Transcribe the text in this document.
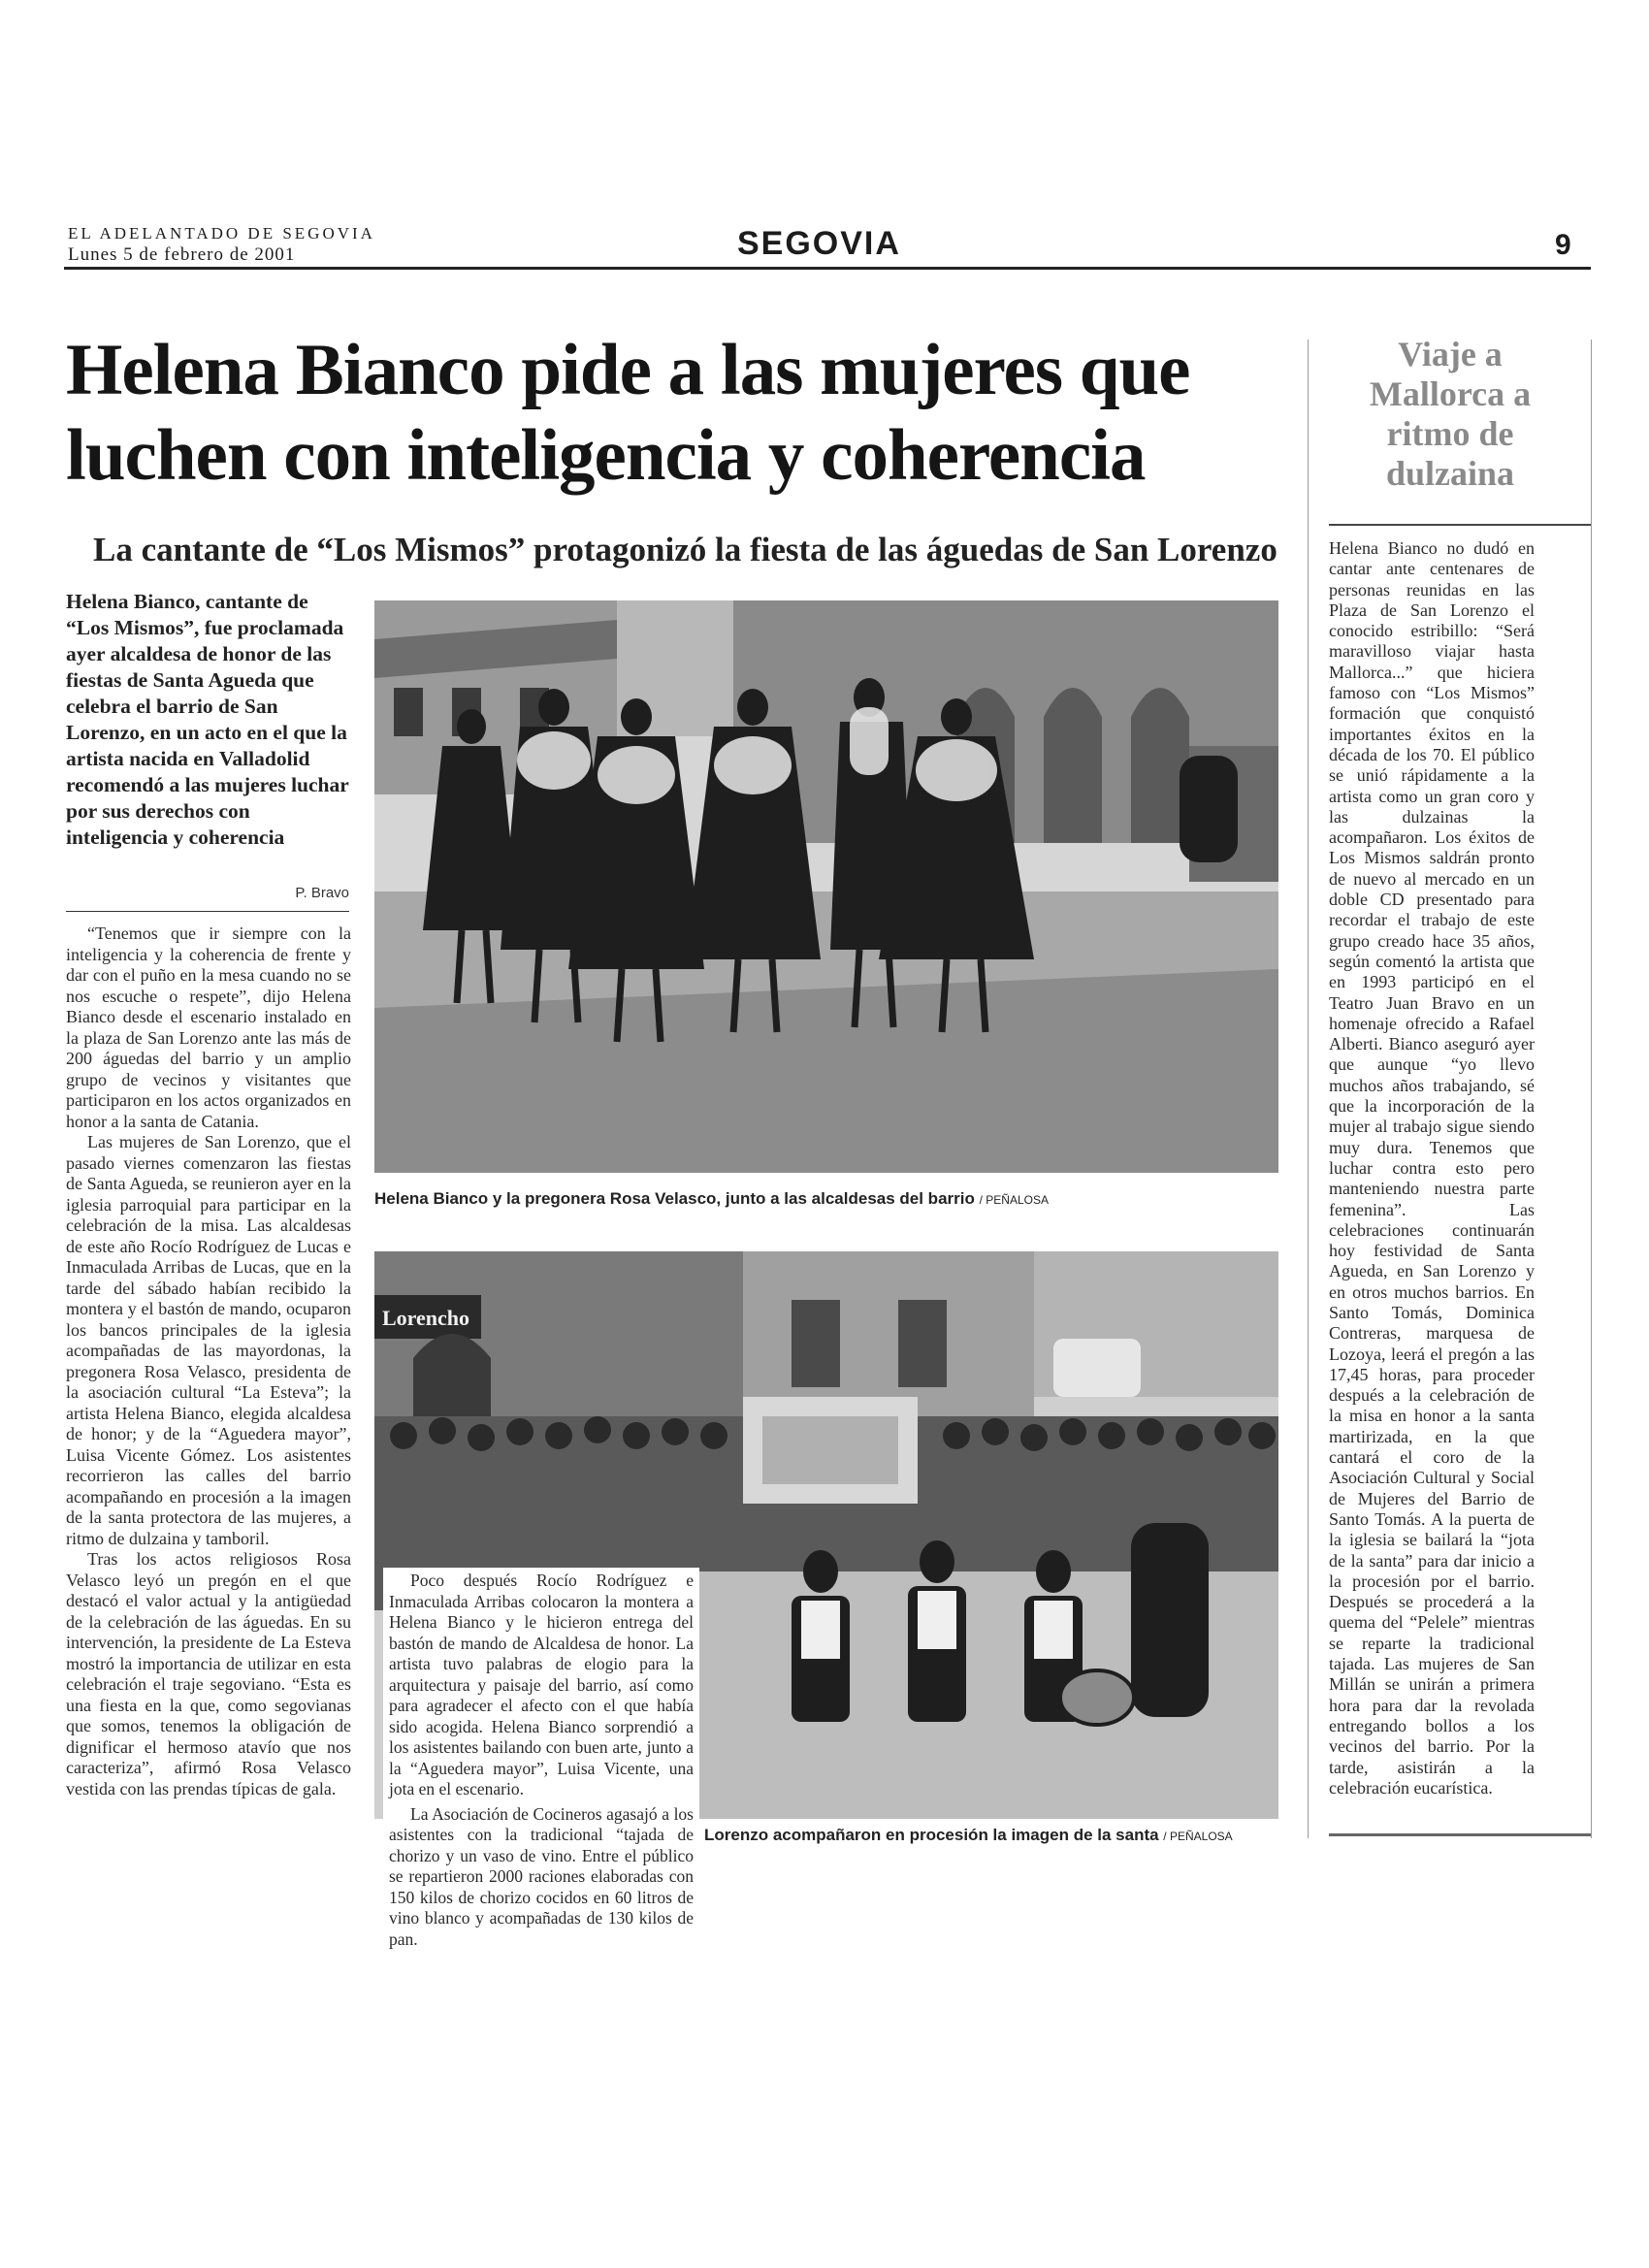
EL ADELANTADO DE SEGOVIA
Lunes 5 de febrero de 2001	SEGOVIA	9
Helena Bianco pide a las mujeres que luchen con inteligencia y coherencia
La cantante de “Los Mismos” protagonizó la fiesta de las águedas de San Lorenzo

Helena Bianco, cantante de “Los Mismos”, fue proclamada ayer alcaldesa de honor de las fiestas de Santa Agueda que celebra el barrio de San Lorenzo, en un acto en el que la artista nacida en Valladolid recomendó a las mujeres luchar por sus derechos con inteligencia y coherencia

P. Bravo

“Tenemos que ir siempre con la inteligencia y la coherencia de frente y dar con el puño en la mesa cuando no se nos escuche o respete”, dijo Helena Bianco desde el escenario instalado en la plaza de San Lorenzo ante las más de 200 águedas del barrio y un amplio grupo de vecinos y visitantes que participaron en los actos organizados en honor a la santa de Catania.

Las mujeres de San Lorenzo, que el pasado viernes comenzaron las fiestas de Santa Agueda, se reunieron ayer en la iglesia parroquial para participar en la celebración de la misa. Las alcaldesas de este año Rocío Rodríguez de Lucas e Inmaculada Arribas de Lucas, que en la tarde del sábado habían recibido la montera y el bastón de mando, ocuparon los bancos principales de la iglesia acompañadas de las mayordonas, la pregonera Rosa Velasco, presidenta de la asociación cultural “La Esteva”; la artista Helena Bianco, elegida alcaldesa de honor; y de la “Aguedera mayor”, Luisa Vicente Gómez. Los asistentes recorrieron las calles del barrio acompañando en procesión a la imagen de la santa protectora de las mujeres, a ritmo de dulzaina y tamboril.

Tras los actos religiosos Rosa Velasco leyó un pregón en el que destacó el valor actual y la antigüedad de la celebración de las águedas. En su intervención, la presidente de La Esteva mostró la importancia de utilizar en esta celebración el traje segoviano. “Esta es una fiesta en la que, como segovianas que somos, tenemos la obligación de dignificar el hermoso atavío que nos caracteriza”, afirmó Rosa Velasco vestida con las prendas típicas de gala.

Helena Bianco y la pregonera Rosa Velasco, junto a las alcaldesas del barrio / PEÑALOSA
Lorencho
Lorenzo acompañaron en procesión la imagen de la santa / PEÑALOSA

Poco después Rocío Rodríguez e Inmaculada Arribas colocaron la montera a Helena Bianco y le hicieron entrega del bastón de mando de Alcaldesa de honor. La artista tuvo palabras de elogio para la arquitectura y paisaje del barrio, así como para agradecer el afecto con el que había sido acogida. Helena Bianco sorprendió a los asistentes bailando con buen arte, junto a la “Aguedera mayor”, Luisa Vicente, una jota en el escenario.

La Asociación de Cocineros agasajó a los asistentes con la tradicional “tajada de chorizo y un vaso de vino. Entre el público se repartieron 2000 raciones elaboradas con 150 kilos de chorizo cocidos en 60 litros de vino blanco y acompañadas de 130 kilos de pan.

Viaje a Mallorca a ritmo de dulzaina

Helena Bianco no dudó en cantar ante centenares de personas reunidas en las Plaza de San Lorenzo el conocido estribillo: “Será maravilloso viajar hasta Mallorca...” que hiciera famoso con “Los Mismos” formación que conquistó importantes éxitos en la década de los 70. El público se unió rápidamente a la artista como un gran coro y las dulzainas la acompañaron. Los éxitos de Los Mismos saldrán pronto de nuevo al mercado en un doble CD presentado para recordar el trabajo de este grupo creado hace 35 años, según comentó la artista que en 1993 participó en el Teatro Juan Bravo en un homenaje ofrecido a Rafael Alberti. Bianco aseguró ayer que aunque “yo llevo muchos años trabajando, sé que la incorporación de la mujer al trabajo sigue siendo muy dura. Tenemos que luchar contra esto pero manteniendo nuestra parte femenina”. Las celebraciones continuarán hoy festividad de Santa Agueda, en San Lorenzo y en otros muchos barrios. En Santo Tomás, Dominica Contreras, marquesa de Lozoya, leerá el pregón a las 17,45 horas, para proceder después a la celebración de la misa en honor a la santa martirizada, en la que cantará el coro de la Asociación Cultural y Social de Mujeres del Barrio de Santo Tomás. A la puerta de la iglesia se bailará la “jota de la santa” para dar inicio a la procesión por el barrio. Después se procederá a la quema del “Pelele” mientras se reparte la tradicional tajada. Las mujeres de San Millán se unirán a primera hora para dar la revolada entregando bollos a los vecinos del barrio. Por la tarde, asistirán a la celebración eucarística.
